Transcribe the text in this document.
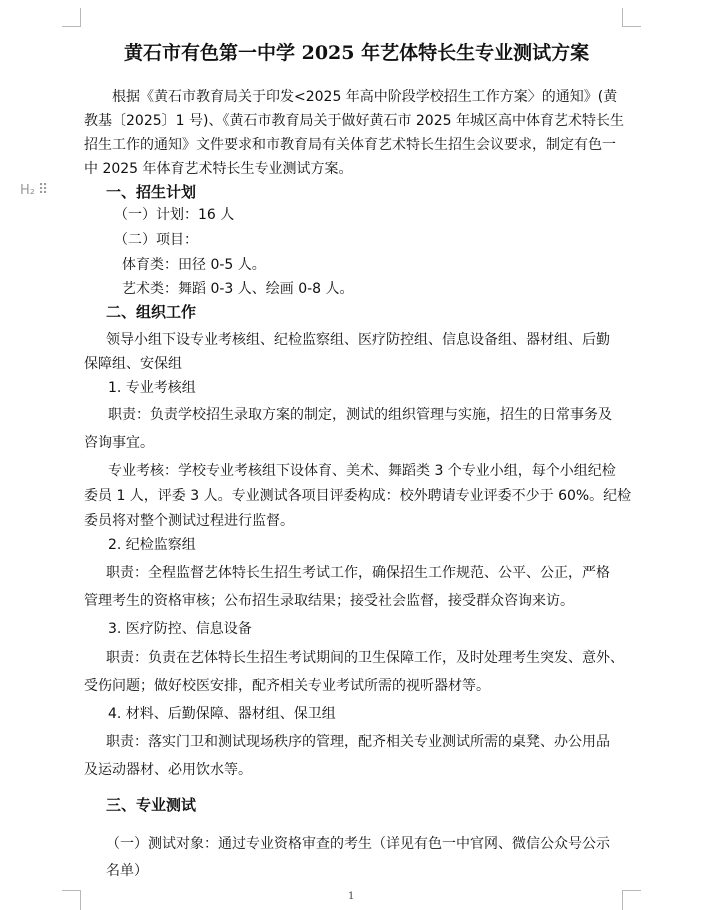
H₂ ⠿
黄石市有色第一中学 2025 年艺体特长生专业测试方案
根据《黄石市教育局关于印发<2025 年高中阶段学校招生工作方案〉的通知》(黄
教基〔2025〕1 号)、《黄石市教育局关于做好黄石市 2025 年城区高中体育艺术特长生
招生工作的通知》文件要求和市教育局有关体育艺术特长生招生会议要求，制定有色一
中 2025 年体育艺术特长生专业测试方案。
一、招生计划
（一）计划：16 人
（二）项目：
体育类：田径 0-5 人。
艺术类：舞蹈 0-3 人、绘画 0-8 人。
二、组织工作
领导小组下设专业考核组、纪检监察组、医疗防控组、信息设备组、器材组、后勤
保障组、安保组
1. 专业考核组
职责：负责学校招生录取方案的制定，测试的组织管理与实施，招生的日常事务及
咨询事宜。
专业考核：学校专业考核组下设体育、美术、舞蹈类 3 个专业小组，每个小组纪检
委员 1 人，评委 3 人。专业测试各项目评委构成：校外聘请专业评委不少于 60%。纪检
委员将对整个测试过程进行监督。
2. 纪检监察组
职责：全程监督艺体特长生招生考试工作，确保招生工作规范、公平、公正，严格
管理考生的资格审核；公布招生录取结果；接受社会监督，接受群众咨询来访。
3. 医疗防控、信息设备
职责：负责在艺体特长生招生考试期间的卫生保障工作，及时处理考生突发、意外、
受伤问题；做好校医安排，配齐相关专业考试所需的视听器材等。
4. 材料、后勤保障、器材组、保卫组
职责：落实门卫和测试现场秩序的管理，配齐相关专业测试所需的桌凳、办公用品
及运动器材、必用饮水等。
三、专业测试
（一）测试对象：通过专业资格审查的考生（详见有色一中官网、微信公众号公示
名单）
1
